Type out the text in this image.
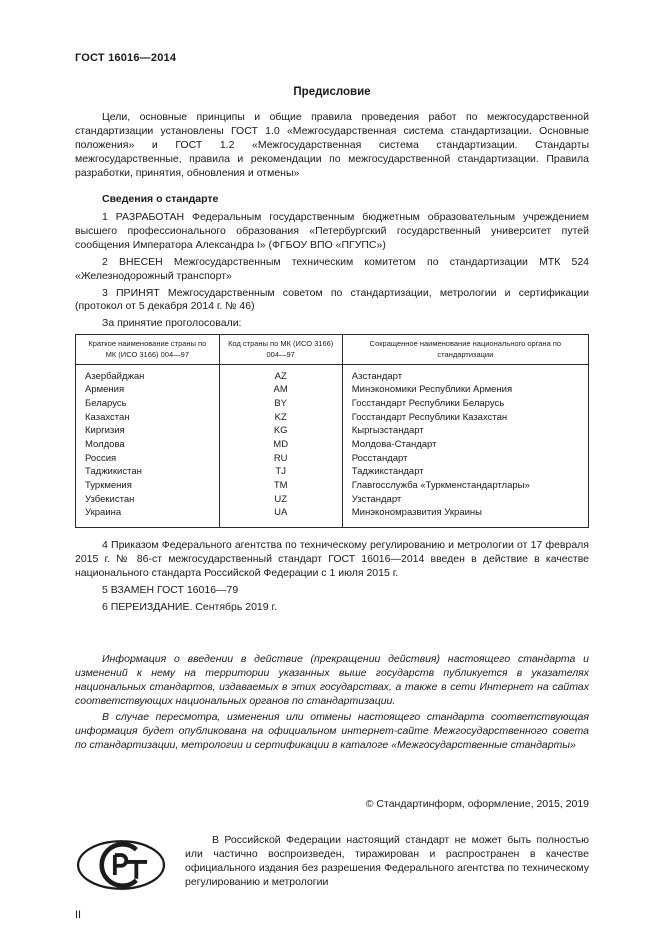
ГОСТ 16016—2014
Предисловие

Цели, основные принципы и общие правила проведения работ по межгосударственной стандартизации установлены ГОСТ 1.0 «Межгосударственная система стандартизации. Основные положения» и ГОСТ 1.2 «Межгосударственная система стандартизации. Стандарты межгосударственные, правила и рекомендации по межгосударственной стандартизации. Правила разработки, принятия, обновления и отмены»

Сведения о стандарте

1 РАЗРАБОТАН Федеральным государственным бюджетным образовательным учреждением высшего профессионального образования «Петербургский государственный университет путей сообщения Императора Александра I» (ФГБОУ ВПО «ПГУПС»)

2 ВНЕСЕН Межгосударственным техническим комитетом по стандартизации МТК 524 «Железнодорожный транспорт»

3 ПРИНЯТ Межгосударственным советом по стандартизации, метрологии и сертификации (протокол от 5 декабря 2014 г. № 46)

За принятие проголосовали:

Краткое наименование страны по МК (ИСО 3166) 004—97	Код страны по МК (ИСО 3166) 004—97	Сокращенное наименование национального органа по стандартизации
Азербайджан	AZ	Азстандарт
Армения	AM	Минэкономики Республики Армения
Беларусь	BY	Госстандарт Республики Беларусь
Казахстан	KZ	Госстандарт Республики Казахстан
Киргизия	KG	Кыргызстандарт
Молдова	MD	Молдова-Стандарт
Россия	RU	Росстандарт
Таджикистан	TJ	Таджикстандарт
Туркмения	TM	Главгосслужба «Туркменстандартлары»
Узбекистан	UZ	Узстандарт
Украина	UA	Минэкономразвития Украины

4 Приказом Федерального агентства по техническому регулированию и метрологии от 17 февраля 2015 г. № 86-ст межгосударственный стандарт ГОСТ 16016—2014 введен в действие в качестве национального стандарта Российской Федерации с 1 июля 2015 г.

5 ВЗАМЕН ГОСТ 16016—79

6 ПЕРЕИЗДАНИЕ. Сентябрь 2019 г.

Информация о введении в действие (прекращении действия) настоящего стандарта и изменений к нему на территории указанных выше государств публикуется в указателях национальных стандартов, издаваемых в этих государствах, а также в сети Интернет на сайтах соответствующих национальных органов по стандартизации.

В случае пересмотра, изменения или отмены настоящего стандарта соответствующая информация будет опубликована на официальном интернет-сайте Межгосударственного совета по стандартизации, метрологии и сертификации в каталоге «Межгосударственные стандарты»

© Стандартинформ, оформление, 2015, 2019

В Российской Федерации настоящий стандарт не может быть полностью или частично воспроизведен, тиражирован и распространен в качестве официального издания без разрешения Федерального агентства по техническому регулированию и метрологии

II
